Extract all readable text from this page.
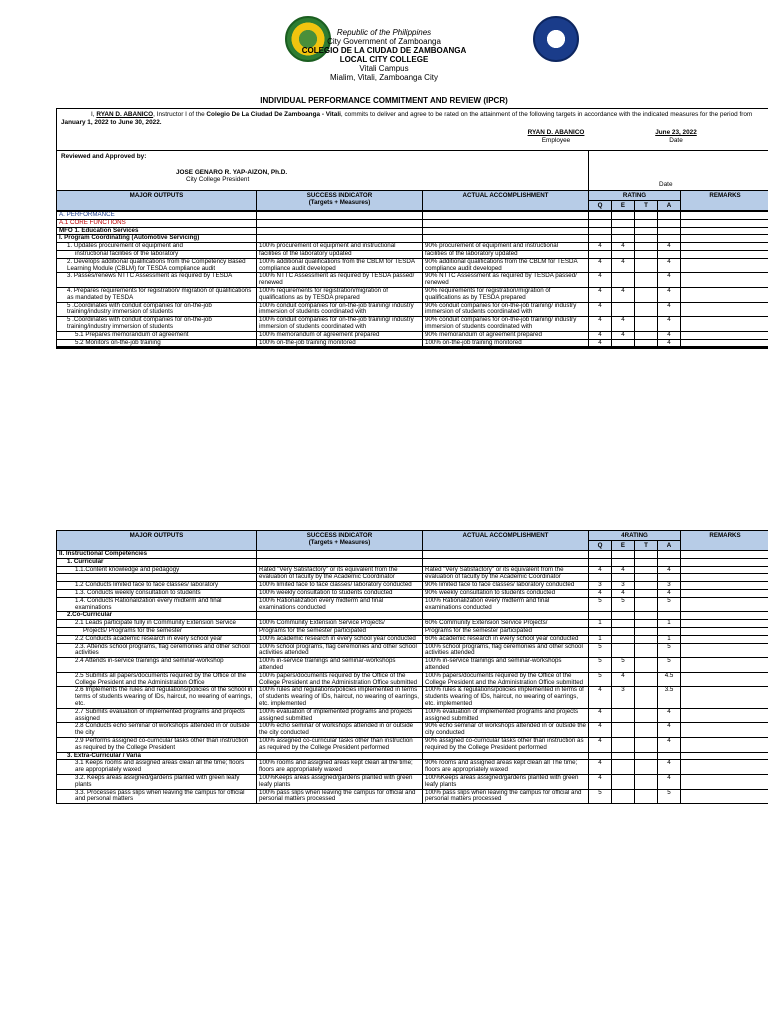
Republic of the Philippines
City Government of Zamboanga
COLEGIO DE LA CIUDAD DE ZAMBOANGA
LOCAL CITY COLLEGE
Vitali Campus
Mialim, Vitali, Zamboanga City
INDIVIDUAL PERFORMANCE COMMITMENT AND REVIEW (IPCR)
I, RYAN D. ABANICO, Instructor I of the Colegio De La Ciudad De Zamboanga - Vitali, commits to deliver and agree to be rated on the attainment of the following targets in accordance with the indicated measures for the period from January 1, 2022 to June 30, 2022.
RYAN D. ABANICO
Employee
June 23, 2022
Date							

Reviewed and Approved by:
JOSE GENARO R. YAP-AIZON, Ph.D.
City College President			Date				

MAJOR OUTPUTS	SUCCESS INDICATOR
(Targets + Measures)	ACTUAL ACCOMPLISHMENT	RATING				REMARKS
			Q	E	T	A	

A. PERFORMANCE							
A.1 CORE FUNCTIONS							
MFO 1. Education Services							
I. Program Coordinating (Automotive Servicing)							
1. Updates procurement of equipment and	100% procurement of equipment and instructional	90% procurement of equipment and instructional	4	4		4	
instructional facilities of the laboratory	facilities of the laboratory updated	facilities of the laboratory updated					
2. Develops additional qualifications from the Competency Based Learning Module (CBLM) for TESDA compliance audit	100% additional qualifications from the CBLM for TESDA compliance audit developed	90% additional qualifications from the CBLM for TESDA compliance audit developed	4	4		4	
3. Passes/renews NTTC Assessment as required by TESDA	100% NTTC Assessment as required by TESDA passed/ renewed	90% NTTC Assessment as required by TESDA passed/ renewed	4			4	
4. Prepares requirements for registration/ migration of qualifications as mandated by TESDA	100% requirements for registration/migration of qualifications as by TESDA prepared	90% requirements for registration/migration of qualifications as by TESDA prepared	4	4		4	
5 .Coordinates with conduit companies for on-the-job training/industry immersion of students	100% conduit companies for on-the-job training/ industry immersion of students coordinated with	90% conduit companies for on-the-job training/ industry immersion of students coordinated with	4			4	
5 .Coordinates with conduit companies for on-the-job training/industry immersion of students	100% conduit companies for on-the-job training/ industry immersion of students coordinated with	90% conduit companies for on-the-job training/ industry immersion of students coordinated with	4	4		4	
5.1 Prepares memorandum of agreement	100% memorandum of agreement prepared	90% memorandum of agreement prepared	4	4		4	
5.2 Monitors on-the-job training	100% on-the-job training monitored	100% on-the-job training monitored	4			4	

MAJOR OUTPUTS	SUCCESS INDICATOR
(Targets + Measures)	ACTUAL ACCOMPLISHMENT	4RATING				REMARKS
			Q	E	T	A	
II. Instructional Competencies							
1. Curricular							
1.1.Content knowledge and pedagogy	Rated "Very Satisfactory" or its equivalent from the	Rated "Very Satisfactory" or its equivalent from the	4	4		4	
	evaluation of faculty by the Academic Coordinator	evaluation of faculty by the Academic Coordinator					
1.2 Conducts limited face to face classes/ laboratory	100% limited face to face classes/ laboratory conducted	90% limited face to face classes/ laboratory conducted	3	3		3	
1.3. Conducts weekly consultation to students	100% weekly consultation to students conducted	90% weekly consultation to students conducted	4	4		4	
1.4. Conducts Rationalization every midterm and final examinations	100% Rationalization every midterm and final examinations conducted	100% Rationalization every midterm and final examinations conducted	5	5		5	
2.Co-Curricular							
2.1 Leads participate fully in Community Extension Service	100% Community Extension Service Projects/	60% Community Extension Service Projects/	1			1	
Projects/ Programs for the semester	Programs for the semester participated	Programs for the semester participated					
2.2 Conducts academic research in every school year	100% academic research in every school year conducted	60% academic research in every school year conducted	1			1	
2.3. Attends school programs, flag ceremonies and other school activities	100% school programs, flag ceremonies and other school activities attended	100% school programs, flag ceremonies and other school activities attended	5			5	
2.4 Attends in-service trainings and seminar-workshop	100% in-service trainings and seminar-workshops attended	100% in-service trainings and seminar-workshops attended	5	5		5	
2.5 Submits all papers/documents required by the Office of the College President and the Administration Office	100% papers/documents required by the Office of the College President and the Administration Office submitted	100% papers/documents required by the Office of the College President and the Administration Office submitted	5	4		4.5	
2.6 Implements the rules and regulations/policies of the school in terms of students wearing of IDs, haircut, no wearing of earrings, etc.	100% rules and regulations/policies implemented in terms of students wearing of IDs, haircut, no wearing of earrings, etc. implemented	100% rules & regulations/policies implemented in terms of students wearing of IDs, haircut, no wearing of earrings, etc. implemented	4	3		3.5	
2.7 Submits evaluation of implemented programs and projects assigned	100% evaluation of implemented programs and projects assigned submitted	100% evaluation of implemented programs and projects assigned submitted	4			4	
2.8 Conducts echo seminar of workshops attended in or outside the city	100% echo seminar of workshops attended in or outside the city conducted	90% echo seminar of workshops attended in or outside the city conducted	4			4	
2.9 Performs assigned co-curricular tasks other than instruction as required by the College President	100% assigned co-curricular tasks other than instruction as required by the College President performed	90% assigned co-curricular tasks other than instruction as required by the College President performed	4			4	
3. Extra-Curricular / Varia							
3.1 Keeps rooms and assigned areas clean all the time; floors are appropriately waxed	100% rooms and assigned areas kept clean all the time; floors are appropriately waxed	90% rooms and assigned areas kept clean all The time; floors are appropriately waxed	4			4	
3.2. Keeps areas assigned/gardens planted with green leafy plants	100%Keeps areas assigned/gardens planted with green leafy plants	100%Keeps areas assigned/gardens planted with green leafy plants	4			4	
3.3. Processes pass slips when leaving the campus for official and personal matters	100% pass slips when leaving the campus for official and personal matters processed	100% pass slips when leaving the campus for official and personal matters processed	5			5	
